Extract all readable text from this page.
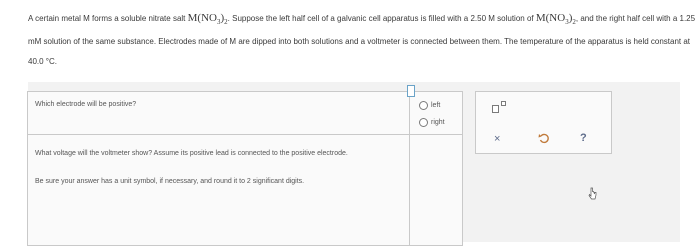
A certain metal M forms a soluble nitrate salt $M(NO_3)_2$. Suppose the left half cell of a galvanic cell apparatus is filled with a 2.50 M solution of $M(NO_3)_2$, and the right half cell with a 1.25 mM solution of the same substance. Electrodes made of M are dipped into both solutions and a voltmeter is connected between them. The temperature of the apparatus is held constant at 40.0 °C.
Which electrode will be positive?	left
right
What voltage will the voltmeter show? Assume its positive lead is connected to the positive electrode.
Be sure your answer has a unit symbol, if necessary, and round it to 2 significant digits.
×	?
